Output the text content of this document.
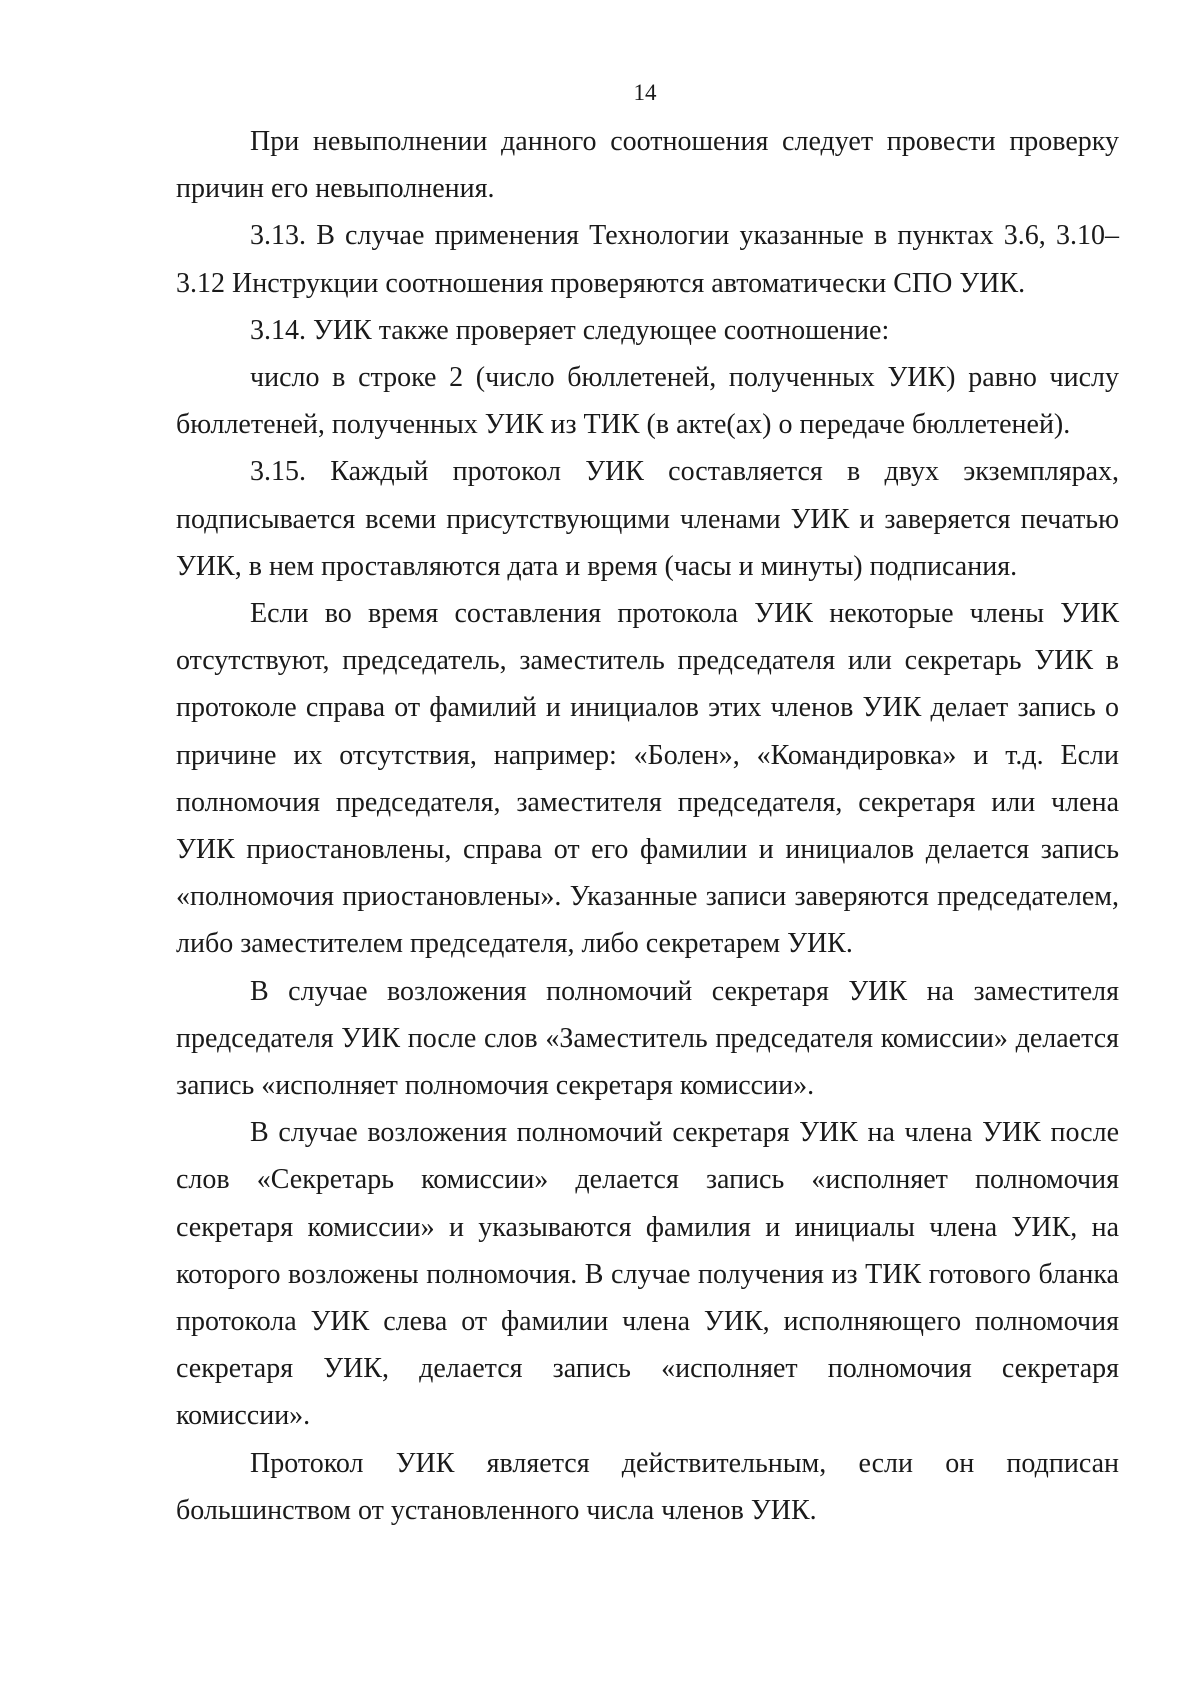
14

При невыполнении данного соотношения следует провести проверку причин его невыполнения.

3.13. В случае применения Технологии указанные в пунктах 3.6, 3.10–3.12 Инструкции соотношения проверяются автоматически СПО УИК.

3.14. УИК также проверяет следующее соотношение:

число в строке 2 (число бюллетеней, полученных УИК) равно числу бюллетеней, полученных УИК из ТИК (в акте(ах) о передаче бюллетеней).

3.15. Каждый протокол УИК составляется в двух экземплярах, подписывается всеми присутствующими членами УИК и заверяется печатью УИК, в нем проставляются дата и время (часы и минуты) подписания.

Если во время составления протокола УИК некоторые члены УИК отсутствуют, председатель, заместитель председателя или секретарь УИК в протоколе справа от фамилий и инициалов этих членов УИК делает запись о причине их отсутствия, например: «Болен», «Командировка» и т.д. Если полномочия председателя, заместителя председателя, секретаря или члена УИК приостановлены, справа от его фамилии и инициалов делается запись «полномочия приостановлены». Указанные записи заверяются председателем, либо заместителем председателя, либо секретарем УИК.

В случае возложения полномочий секретаря УИК на заместителя председателя УИК после слов «Заместитель председателя комиссии» делается запись «исполняет полномочия секретаря комиссии».

В случае возложения полномочий секретаря УИК на члена УИК после слов «Секретарь комиссии» делается запись «исполняет полномочия секретаря комиссии» и указываются фамилия и инициалы члена УИК, на которого возложены полномочия. В случае получения из ТИК готового бланка протокола УИК слева от фамилии члена УИК, исполняющего полномочия секретаря УИК, делается запись «исполняет полномочия секретаря комиссии».

Протокол УИК является действительным, если он подписан большинством от установленного числа членов УИК.
